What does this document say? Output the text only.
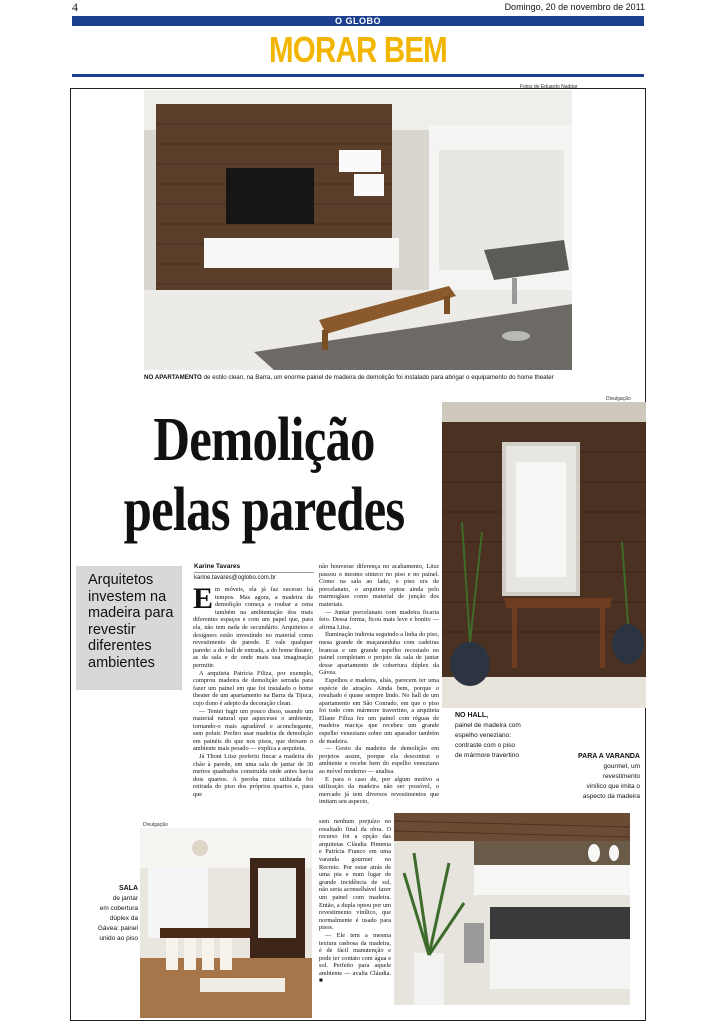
4	Domingo, 20 de novembro de 2011
O GLOBO
MORAR BEM
Fotos de Eduardo Naddar
NO APARTAMENTO de estilo clean, na Barra, um enorme painel de madeira de demolição foi instalado para abrigar o equipamento do home theater
Divulgação
NO HALL,
painel de madeira com
espelho veneziano:
contraste com o piso
de mármore travertino	PARA A VARANDA
gourmet, um
revestimento
vinílico que imita o
aspecto da madeira
Demolição
pelas paredes
Arquitetos investem na madeira para revestir diferentes ambientes
Karine Tavares
karine.tavares@oglobo.com.br

Em móveis, ela já faz sucesso há tempos. Mas agora, a madeira de demolição começa a roubar a cena também na ambientação dos mais diferentes espaços e com um papel que, para ela, não tem nada de secundário. Arquitetos e designers estão investindo no material como revestimento de parede. E vale qualquer parede: a do hall de entrada, a do home theater, as da sala e de onde mais sua imaginação permitir.

A arquiteta Patrícia Filiza, por exemplo, comprou madeira de demolição serrada para fazer um painel em que foi instalado o home theater de um apartamento na Barra da Tijuca, cujo dono é adepto da decoração clean.

— Tentei fugir um pouco disso, usando um material natural que aquecesse o ambiente, tornando-o mais agradável e aconchegante, sem poluir. Prefiro usar madeira de demolição em painéis do que nos pisos, que deixam o ambiente mais pesado — explica a arquiteta.

Já Thoni Litsz preferiu fincar a madeira do chão à parede, em uma sala de jantar de 30 metros quadrados construída onde antes havia dois quartos. A peroba mica utilizada foi retirada do piso dos próprios quartos e, para que

não houvesse diferença no acabamento, Litsz passou o mesmo sinteco no piso e no painel. Como na sala ao lado, o piso era de porcelanato, o arquiteto optou ainda pelo marmoglass como material de junção dos materiais.

— Juntar porcelanato com madeira ficaria feio. Dessa forma, ficou mais leve e bonito — afirma Litsz.

Iluminação indireta seguindo a linha do piso, mesa grande de maçaranduba com cadeiras brancas e um grande espelho recostado no painel completam o projeto da sala de jantar desse apartamento de cobertura dúplex da Gávea.

Espelhos e madeira, aliás, parecem ter uma espécie de atração. Ainda bem, porque o resultado é quase sempre lindo. No hall de um apartamento em São Conrado, em que o piso foi todo com mármore travertino, a arquiteta Eliane Filiza fez um painel com réguas de madeira maciça que recebeu um grande espelho veneziano sobre um aparador também de madeira.

— Gosto da madeira de demolição em projetos assim, porque ela descontrai o ambiente e recebe bem do espelho veneziano ao móvel moderno — analisa.

E para o caso de, por algum motivo a utilização da madeira não ser possível, o mercado já tem diversos revestimentos que imitam seu aspecto,

sem nenhum prejuízo no resultado final da obra. O recurso foi a opção das arquitetas Cláudia Pimenta e Patrícia Franco em uma varanda gourmet no Recreio. Por estar atrás de uma pia e num lugar de grande incidência de sol, não seria aconselhável fazer um painel com madeira. Então, a dupla optou por um revestimento vinílico, que normalmente é usado para pisos.

— Ele tem a mesma textura rasbosa da madeira, é de fácil manutenção e pode ter contato com água e sol. Perfeito para aquele ambiente — avalia Cláudia. ■

Divulgação
SALA
de jantar
em cobertura
dúplex da
Gávea: painel
unido ao piso
